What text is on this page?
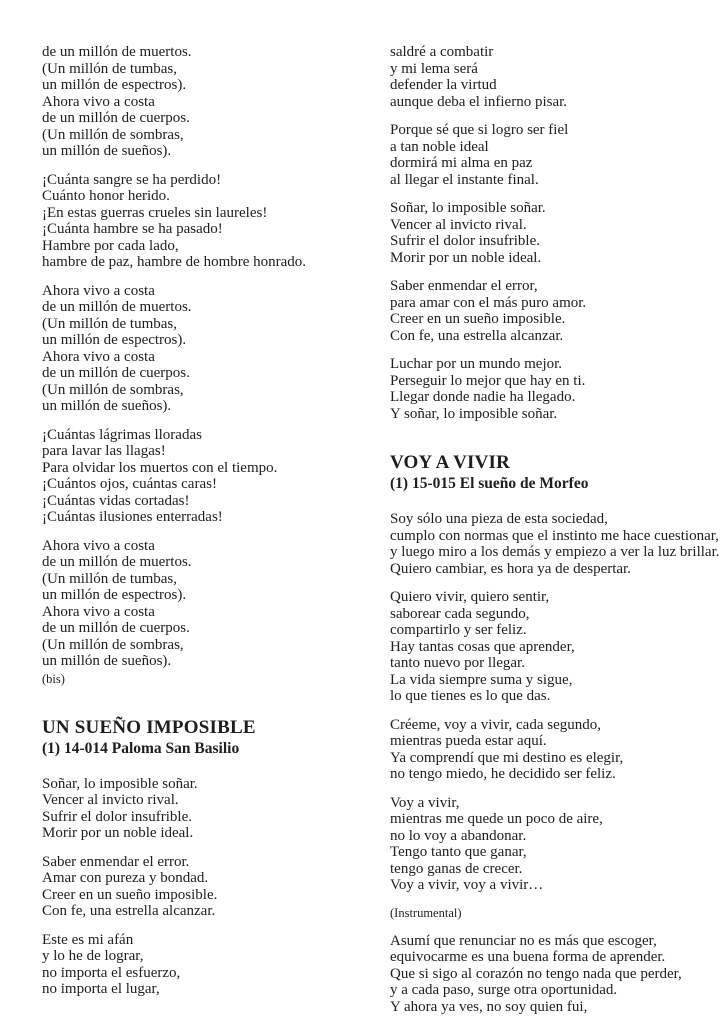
de un millón de muertos.
(Un millón de tumbas,
un millón de espectros).
Ahora vivo a costa
de un millón de cuerpos.
(Un millón de sombras,
un millón de sueños).

¡Cuánta sangre se ha perdido!
Cuánto honor herido.
¡En estas guerras crueles sin laureles!
¡Cuánta hambre se ha pasado!
Hambre por cada lado,
hambre de paz, hambre de hombre honrado.

Ahora vivo a costa
de un millón de muertos.
(Un millón de tumbas,
un millón de espectros).
Ahora vivo a costa
de un millón de cuerpos.
(Un millón de sombras,
un millón de sueños).

¡Cuántas lágrimas lloradas
para lavar las llagas!
Para olvidar los muertos con el tiempo.
¡Cuántos ojos, cuántas caras!
¡Cuántas vidas cortadas!
¡Cuántas ilusiones enterradas!

Ahora vivo a costa
de un millón de muertos.
(Un millón de tumbas,
un millón de espectros).
Ahora vivo a costa
de un millón de cuerpos.
(Un millón de sombras,
un millón de sueños).

(bis)
UN SUEÑO IMPOSIBLE
(1) 14-014 Paloma San Basilio

Soñar, lo imposible soñar.
Vencer al invicto rival.
Sufrir el dolor insufrible.
Morir por un noble ideal.

Saber enmendar el error.
Amar con pureza y bondad.
Creer en un sueño imposible.
Con fe, una estrella alcanzar.

Este es mi afán
y lo he de lograr,
no importa el esfuerzo,
no importa el lugar,

saldré a combatir
y mi lema será
defender la virtud
aunque deba el infierno pisar.

Porque sé que si logro ser fiel
a tan noble ideal
dormirá mi alma en paz
al llegar el instante final.

Soñar, lo imposible soñar.
Vencer al invicto rival.
Sufrir el dolor insufrible.
Morir por un noble ideal.

Saber enmendar el error,
para amar con el más puro amor.
Creer en un sueño imposible.
Con fe, una estrella alcanzar.

Luchar por un mundo mejor.
Perseguir lo mejor que hay en ti.
Llegar donde nadie ha llegado.
Y soñar, lo imposible soñar.

VOY A VIVIR
(1) 15-015 El sueño de Morfeo

Soy sólo una pieza de esta sociedad,
cumplo con normas que el instinto me hace cuestionar,
y luego miro a los demás y empiezo a ver la luz brillar.
Quiero cambiar, es hora ya de despertar.

Quiero vivir, quiero sentir,
saborear cada segundo,
compartirlo y ser feliz.
Hay tantas cosas que aprender,
tanto nuevo por llegar.
La vida siempre suma y sigue,
lo que tienes es lo que das.

Créeme, voy a vivir, cada segundo,
mientras pueda estar aquí.
Ya comprendí que mi destino es elegir,
no tengo miedo, he decidido ser feliz.

Voy a vivir,
mientras me quede un poco de aire,
no lo voy a abandonar.
Tengo tanto que ganar,
tengo ganas de crecer.
Voy a vivir, voy a vivir…

(Instrumental)

Asumí que renunciar no es más que escoger,
equivocarme es una buena forma de aprender.
Que si sigo al corazón no tengo nada que perder,
y a cada paso, surge otra oportunidad.
Y ahora ya ves, no soy quien fui,
